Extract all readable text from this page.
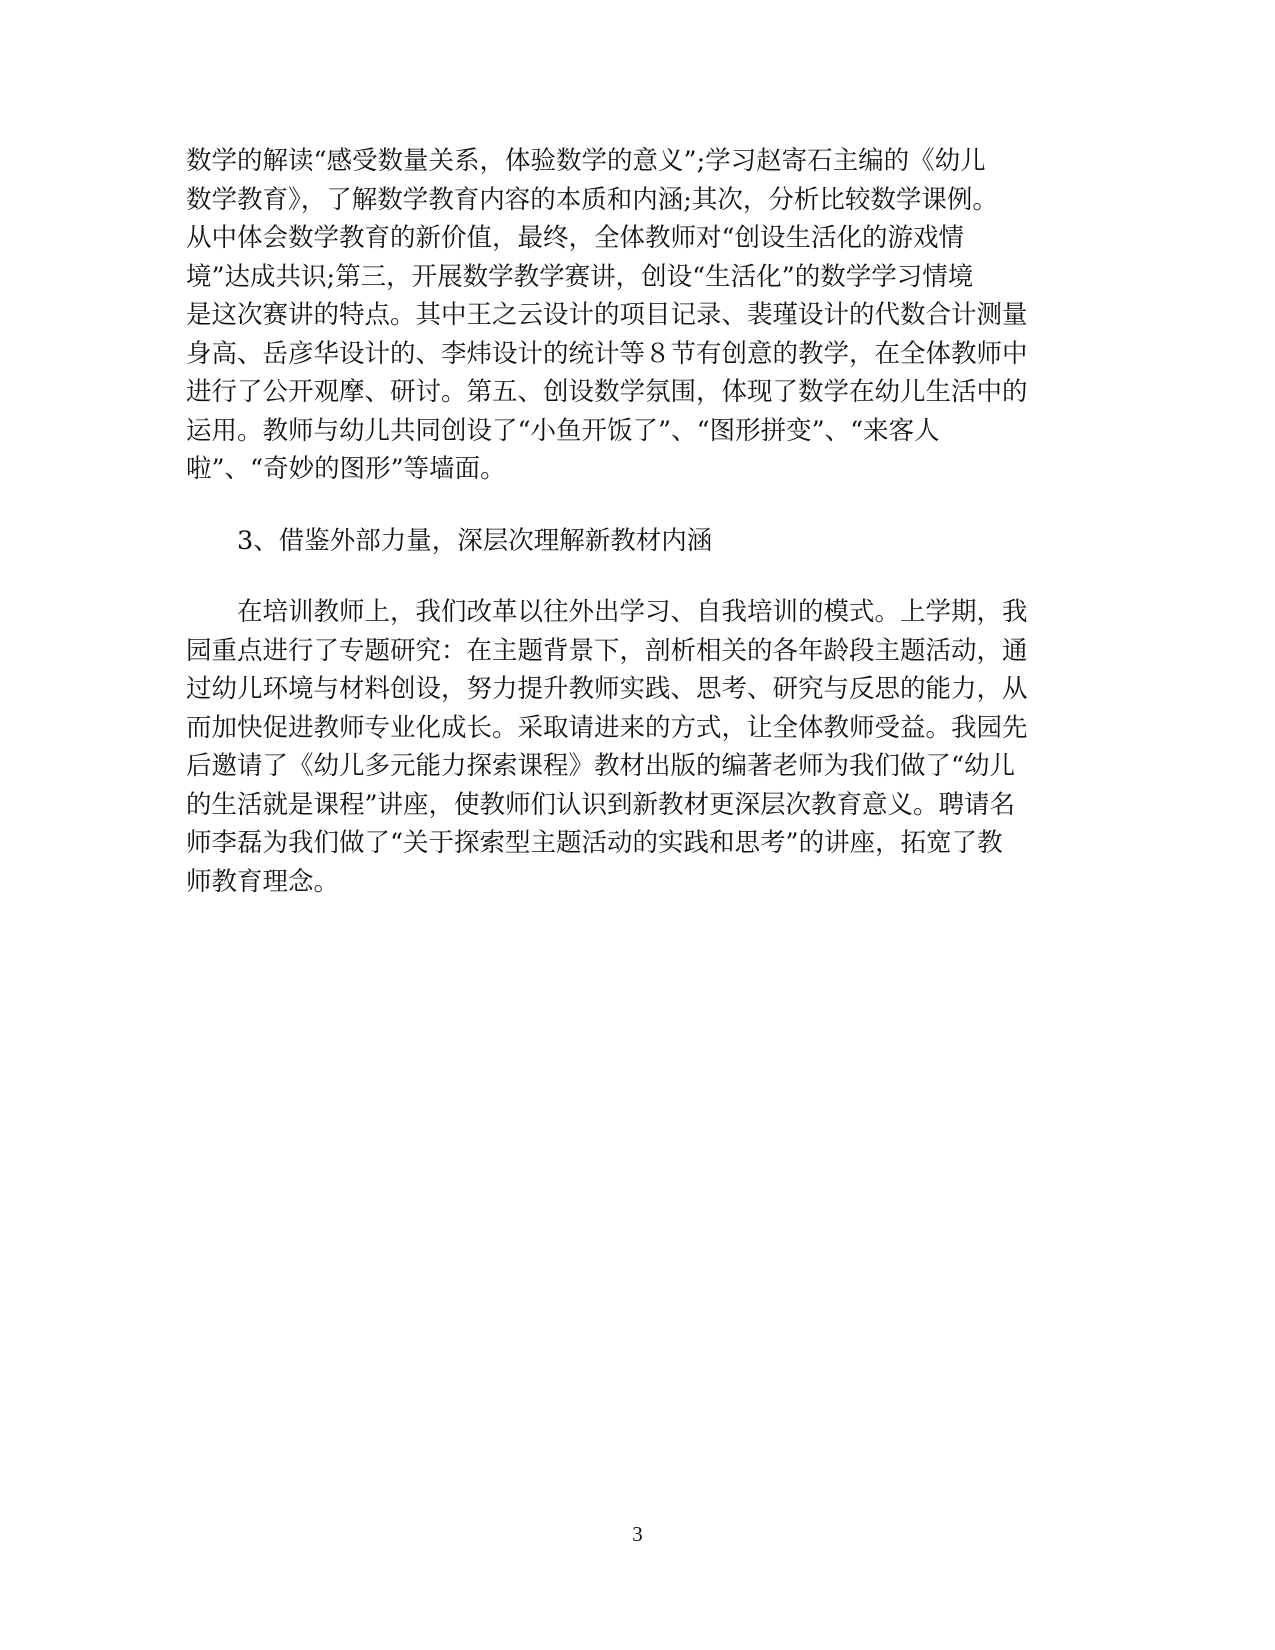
数学的解读“感受数量关系，体验数学的意义”;学习赵寄石主编的《幼儿
数学教育》，了解数学教育内容的本质和内涵;其次，分析比较数学课例。
从中体会数学教育的新价值，最终，全体教师对“创设生活化的游戏情
境”达成共识;第三，开展数学教学赛讲，创设“生活化”的数学学习情境
是这次赛讲的特点。其中王之云设计的项目记录、裴瑾设计的代数合计测量
身高、岳彦华设计的、李炜设计的统计等８节有创意的教学，在全体教师中
进行了公开观摩、研讨。第五、创设数学氛围，体现了数学在幼儿生活中的
运用。教师与幼儿共同创设了“小鱼开饭了”、“图形拼变”、“来客人
啦”、“奇妙的图形”等墙面。

3、借鉴外部力量，深层次理解新教材内涵

在培训教师上，我们改革以往外出学习、自我培训的模式。上学期，我
园重点进行了专题研究：在主题背景下，剖析相关的各年龄段主题活动，通
过幼儿环境与材料创设，努力提升教师实践、思考、研究与反思的能力，从
而加快促进教师专业化成长。采取请进来的方式，让全体教师受益。我园先
后邀请了《幼儿多元能力探索课程》教材出版的编著老师为我们做了“幼儿
的生活就是课程”讲座，使教师们认识到新教材更深层次教育意义。聘请名
师李磊为我们做了“关于探索型主题活动的实践和思考”的讲座，拓宽了教
师教育理念。

3
